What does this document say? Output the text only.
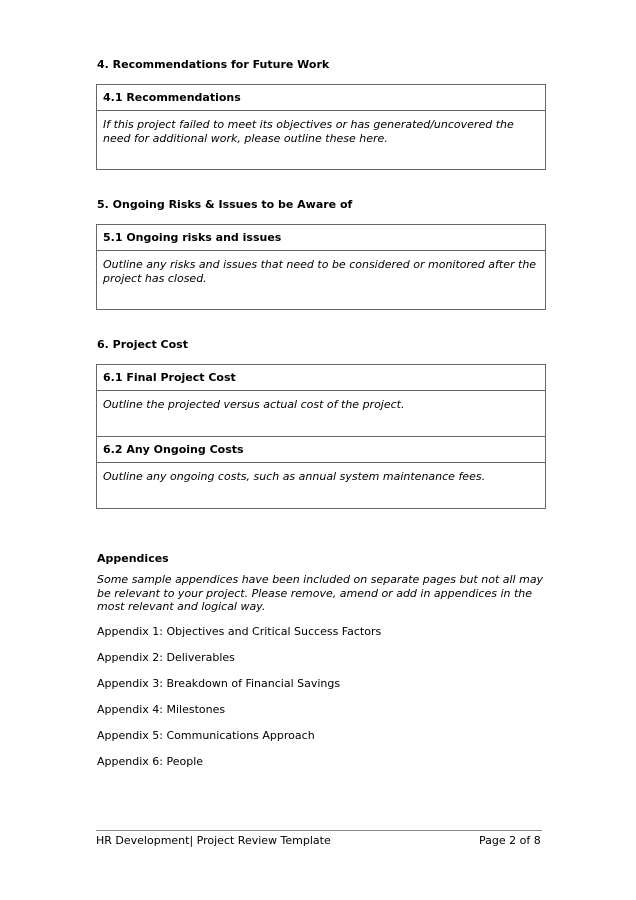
4. Recommendations for Future Work
4.1 Recommendations
If this project failed to meet its objectives or has generated/uncovered the need for additional work, please outline these here.
5. Ongoing Risks & Issues to be Aware of
5.1 Ongoing risks and issues
Outline any risks and issues that need to be considered or monitored after the project has closed.
6. Project Cost
6.1 Final Project Cost
Outline the projected versus actual cost of the project.
6.2 Any Ongoing Costs
Outline any ongoing costs, such as annual system maintenance fees.
Appendices
Some sample appendices have been included on separate pages but not all may be relevant to your project. Please remove, amend or add in appendices in the most relevant and logical way.
Appendix 1: Objectives and Critical Success Factors
Appendix 2: Deliverables
Appendix 3: Breakdown of Financial Savings
Appendix 4: Milestones
Appendix 5: Communications Approach
Appendix 6: People
HR Development| Project Review Template	Page 2 of 8
